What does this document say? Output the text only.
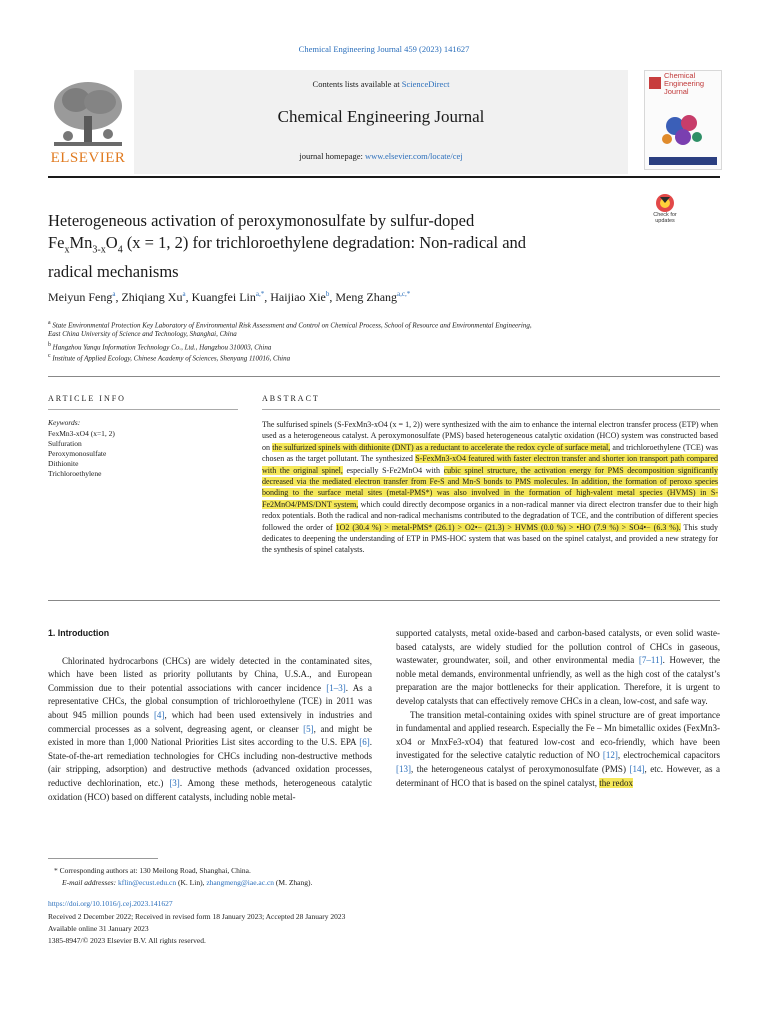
Chemical Engineering Journal 459 (2023) 141627
ELSEVIER
Contents lists available at ScienceDirect
Chemical Engineering Journal
journal homepage: www.elsevier.com/locate/cej
Chemical Engineering Journal
Heterogeneous activation of peroxymonosulfate by sulfur-doped
$Fe_xMn_{3-x}O_4$ (x = 1, 2) for trichloroethylene degradation: Non-radical and
radical mechanisms
Check for updates
Meiyun Feng$^a$, Zhiqiang Xu$^a$, Kuangfei Lin$^{a,*}$, Haijiao Xie$^b$, Meng Zhang$^{a,c,*}$
$^a$ State Environmental Protection Key Laboratory of Environmental Risk Assessment and Control on Chemical Process, School of Resource and Environmental Engineering,
East China University of Science and Technology, Shanghai, China
$^b$ Hangzhou Yanqu Information Technology Co., Ltd., Hangzhou 310003, China
$^c$ Institute of Applied Ecology, Chinese Academy of Sciences, Shenyang 110016, China
ARTICLE INFO
Keywords:
FexMn3-xO4 (x=1, 2)
Sulfuration
Peroxymonosulfate
Dithionite
Trichloroethylene
ABSTRACT
The sulfurised spinels (S-FexMn3-xO4 (x = 1, 2)) were synthesized with the aim to enhance the internal electron transfer process (ETP) when used as a heterogeneous catalyst. A peroxymonosulfate (PMS) based heterogeneous catalytic oxidation (HCO) system was constructed based on the sulfurized spinels with dithionite (DNT) as a reductant to accelerate the redox cycle of surface metal, and trichloroethylene (TCE) was chosen as the target pollutant. The synthesized S-FexMn3-xO4 featured with faster electron transfer and shorter ion transport path compared with the original spinel, especially S-Fe2MnO4 with cubic spinel structure, the activation energy for PMS decomposition significantly decreased via the mediated electron transfer from Fe-S and Mn-S bonds to PMS molecules. In addition, the formation of peroxo species bonding to the surface metal sites (metal-PMS*) was also involved in the formation of high-valent metal species (HVMS) in S-Fe2MnO4/PMS/DNT system, which could directly decompose organics in a non-radical manner via direct electron transfer due to their high redox potentials. Both the radical and non-radical mechanisms contributed to the degradation of TCE, and the contribution of different species followed the order of 1O2 (30.4 %) > metal-PMS* (26.1) > O2•− (21.3) > HVMS (0.0 %) > •HO (7.9 %) > SO4•− (6.3 %). This study dedicates to deepening the understanding of ETP in PMS-HOC system that was based on the spinel catalyst, and provided a new strategy for the synthesis of spinel catalysts.
1. Introduction
Chlorinated hydrocarbons (CHCs) are widely detected in the contaminated sites, which have been listed as priority pollutants by China, U.S.A., and European Commission due to their potential associations with cancer incidence [1–3]. As a representative CHCs, the global consumption of trichloroethylene (TCE) in 2011 was about 945 million pounds [4], which had been used extensively in industries and commercial processes as a solvent, degreasing agent, or cleanser [5], and might be existed in more than 1,000 National Priorities List sites according to the U.S. EPA [6]. State-of-the-art remediation technologies for CHCs including non-destructive methods (air stripping, adsorption) and destructive methods (advanced oxidation processes, reductive dechlorination, etc.) [3]. Among these methods, heterogeneous catalytic oxidation (HCO) based on different catalysts, including noble metal-
supported catalysts, metal oxide-based and carbon-based catalysts, or even solid waste-based catalysts, are widely studied for the pollution control of CHCs in gaseous, wastewater, groundwater, soil, and other environmental media [7–11]. However, the noble metal demands, environmental unfriendly, as well as the high cost of the catalyst’s preparation are the major bottlenecks for their application. Therefore, it is urgent to develop catalysts that can effectively remove CHCs in a clean, low-cost, and safe way.
The transition metal-containing oxides with spinel structure are of great importance in fundamental and applied research. Especially the Fe – Mn bimetallic oxides (FexMn3-xO4 or MnxFe3-xO4) that featured low-cost and eco-friendly, which have been investigated for the selective catalytic reduction of NO [12], electrochemical capacitors [13], the heterogeneous catalyst of peroxymonosulfate (PMS) [14], etc. However, as a determinant of HCO that is based on the spinel catalyst, the redox
* Corresponding authors at: 130 Meilong Road, Shanghai, China.
E-mail addresses: kflin@ecust.edu.cn (K. Lin), zhangmeng@iae.ac.cn (M. Zhang).
https://doi.org/10.1016/j.cej.2023.141627
Received 2 December 2022; Received in revised form 18 January 2023; Accepted 28 January 2023
Available online 31 January 2023
1385-8947/© 2023 Elsevier B.V. All rights reserved.
